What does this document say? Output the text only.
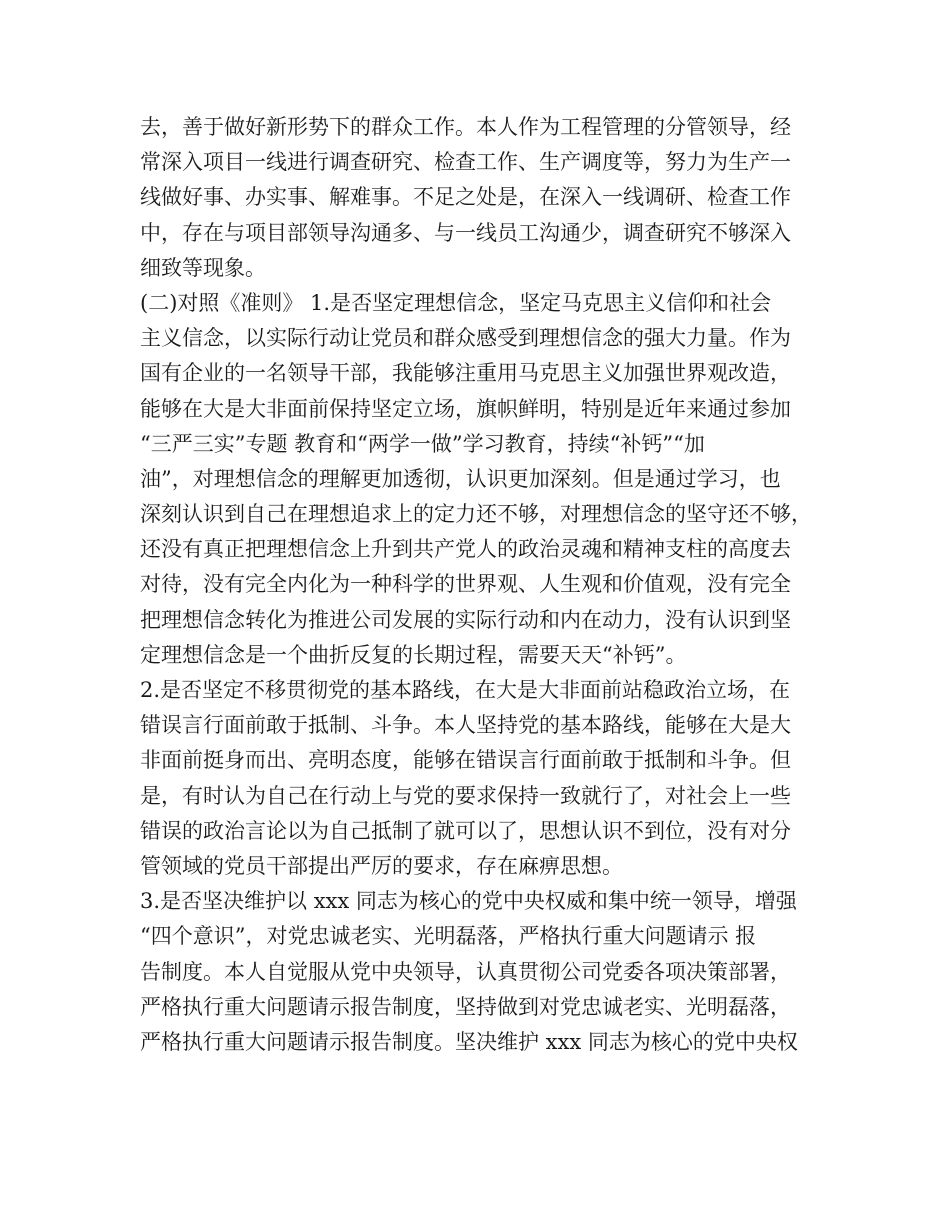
去，善于做好新形势下的群众工作。本人作为工程管理的分管领导，经
常深入项目一线进行调查研究、检查工作、生产调度等，努力为生产一
线做好事、办实事、解难事。不足之处是，在深入一线调研、检查工作
中，存在与项目部领导沟通多、与一线员工沟通少，调查研究不够深入
细致等现象。
(二)对照《准则》 1.是否坚定理想信念，坚定马克思主义信仰和社会
主义信念，以实际行动让党员和群众感受到理想信念的强大力量。作为
国有企业的一名领导干部，我能够注重用马克思主义加强世界观改造，
能够在大是大非面前保持坚定立场，旗帜鲜明，特别是近年来通过参加
“三严三实”专题 教育和“两学一做”学习教育，持续“补钙”“加
油”，对理想信念的理解更加透彻，认识更加深刻。但是通过学习，也
深刻认识到自己在理想追求上的定力还不够，对理想信念的坚守还不够，
还没有真正把理想信念上升到共产党人的政治灵魂和精神支柱的高度去
对待，没有完全内化为一种科学的世界观、人生观和价值观，没有完全
把理想信念转化为推进公司发展的实际行动和内在动力，没有认识到坚
定理想信念是一个曲折反复的长期过程，需要天天“补钙”。
2.是否坚定不移贯彻党的基本路线，在大是大非面前站稳政治立场，在
错误言行面前敢于抵制、斗争。本人坚持党的基本路线，能够在大是大
非面前挺身而出、亮明态度，能够在错误言行面前敢于抵制和斗争。但
是，有时认为自己在行动上与党的要求保持一致就行了，对社会上一些
错误的政治言论以为自己抵制了就可以了，思想认识不到位，没有对分
管领域的党员干部提出严厉的要求，存在麻痹思想。
3.是否坚决维护以 xxx 同志为核心的党中央权威和集中统一领导，增强
“四个意识”，对党忠诚老实、光明磊落，严格执行重大问题请示 报
告制度。本人自觉服从党中央领导，认真贯彻公司党委各项决策部署，
严格执行重大问题请示报告制度，坚持做到对党忠诚老实、光明磊落，
严格执行重大问题请示报告制度。坚决维护 xxx 同志为核心的党中央权
